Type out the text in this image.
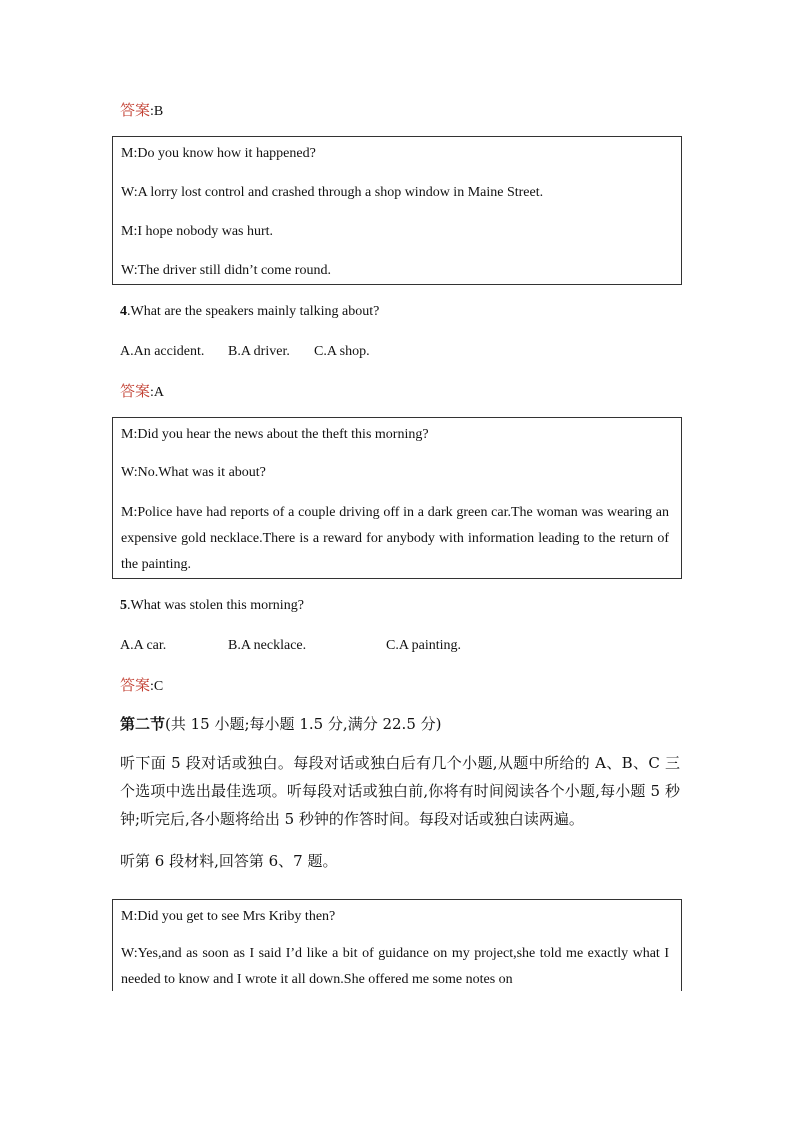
答案:B
M:Do you know how it happened?
W:A lorry lost control and crashed through a shop window in Maine Street.
M:I hope nobody was hurt.
W:The driver still didn’t come round.
4.What are the speakers mainly talking about?
A.An accident. B.A driver. C.A shop.
答案:A
M:Did you hear the news about the theft this morning?
W:No.What was it about?
M:Police have had reports of a couple driving off in a dark green car.The woman was wearing an expensive gold necklace.There is a reward for anybody with information leading to the return of the painting.
5.What was stolen this morning?
A.A car.	B.A necklace.	C.A painting.
答案:C
第二节(共 15 小题;每小题 1.5 分,满分 22.5 分)
听下面 5 段对话或独白。每段对话或独白后有几个小题,从题中所给的 A、B、C 三个选项中选出最佳选项。听每段对话或独白前,你将有时间阅读各个小题,每小题 5 秒钟;听完后,各小题将给出 5 秒钟的作答时间。每段对话或独白读两遍。
听第 6 段材料,回答第 6、7 题。
M:Did you get to see Mrs Kriby then?
W:Yes,and as soon as I said I’d like a bit of guidance on my project,she told me exactly what I needed to know and I wrote it all down.She offered me some notes on
